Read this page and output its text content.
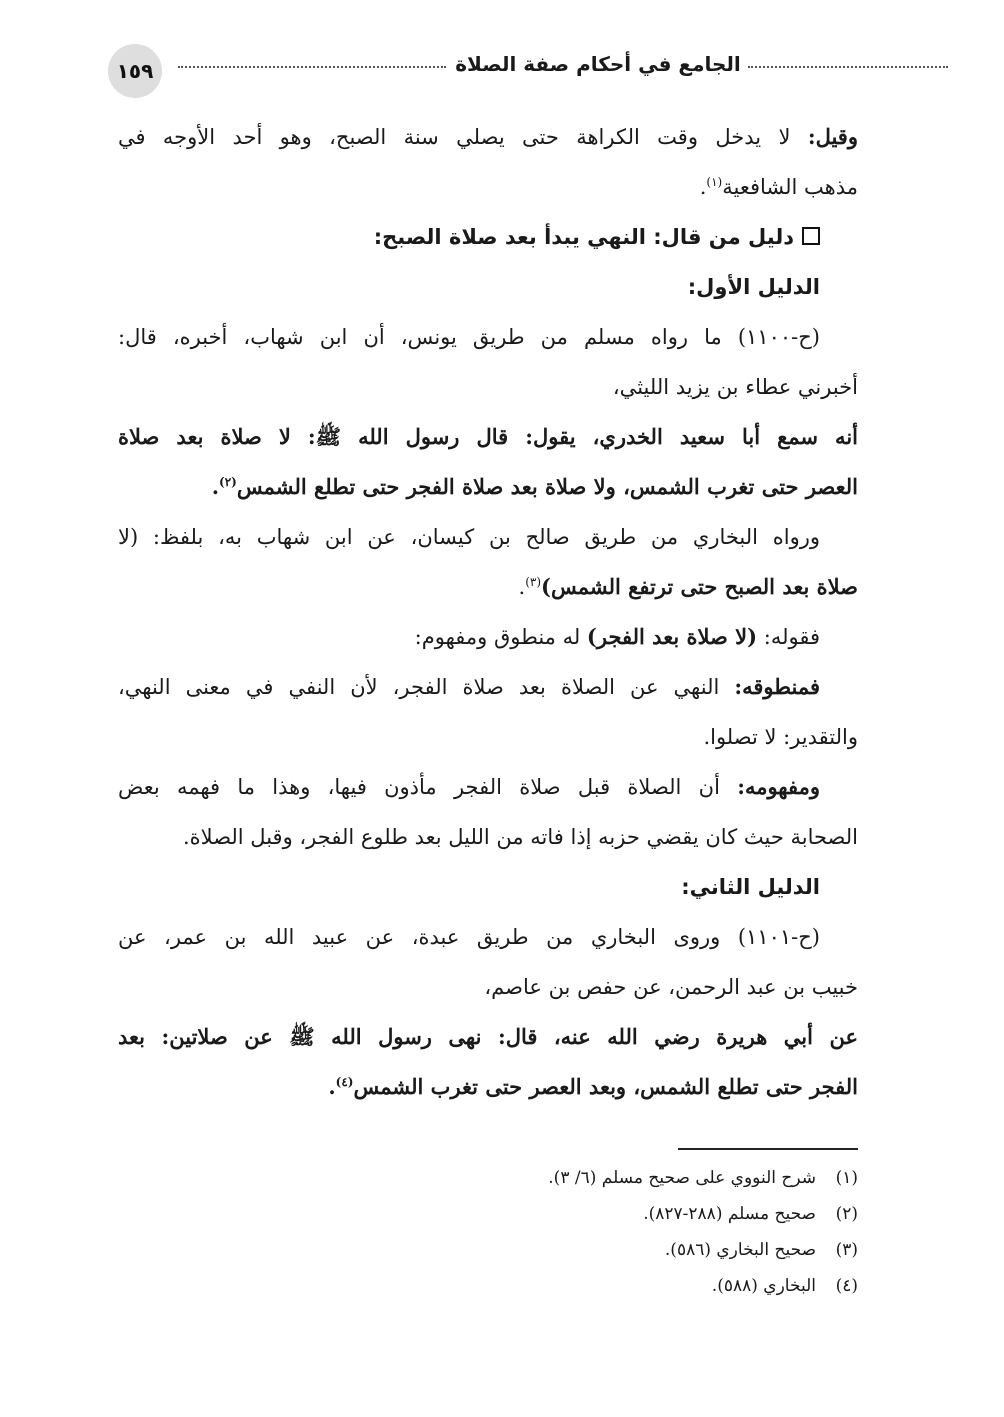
١٥٩	الجامع في أحكام صفة الصلاة
وقيل: لا يدخل وقت الكراهة حتى يصلي سنة الصبح، وهو أحد الأوجه في
مذهب الشافعية$^{(١)}$.
دليل من قال: النهي يبدأ بعد صلاة الصبح:
الدليل الأول:
(ح-١١٠٠) ما رواه مسلم من طريق يونس، أن ابن شهاب، أخبره، قال:
أخبرني عطاء بن يزيد الليثي،
أنه سمع أبا سعيد الخدري، يقول: قال رسول الله ﷺ: لا صلاة بعد صلاة
العصر حتى تغرب الشمس، ولا صلاة بعد صلاة الفجر حتى تطلع الشمس$^{(٢)}$.
ورواه البخاري من طريق صالح بن كيسان، عن ابن شهاب به، بلفظ: (لا
صلاة بعد الصبح حتى ترتفع الشمس)$^{(٣)}$.
فقوله: (لا صلاة بعد الفجر) له منطوق ومفهوم:
فمنطوقه: النهي عن الصلاة بعد صلاة الفجر، لأن النفي في معنى النهي،
والتقدير: لا تصلوا.
ومفهومه: أن الصلاة قبل صلاة الفجر مأذون فيها، وهذا ما فهمه بعض
الصحابة حيث كان يقضي حزبه إذا فاته من الليل بعد طلوع الفجر، وقبل الصلاة.
الدليل الثاني:
(ح-١١٠١) وروى البخاري من طريق عبدة، عن عبيد الله بن عمر، عن
خبيب بن عبد الرحمن، عن حفص بن عاصم،
عن أبي هريرة رضي الله عنه، قال: نهى رسول الله ﷺ عن صلاتين: بعد
الفجر حتى تطلع الشمس، وبعد العصر حتى تغرب الشمس$^{(٤)}$.
(١)شرح النووي على صحيح مسلم (٦/ ٣).
(٢)صحيح مسلم (٢٨٨-٨٢٧).
(٣)صحيح البخاري (٥٨٦).
(٤)البخاري (٥٨٨).
